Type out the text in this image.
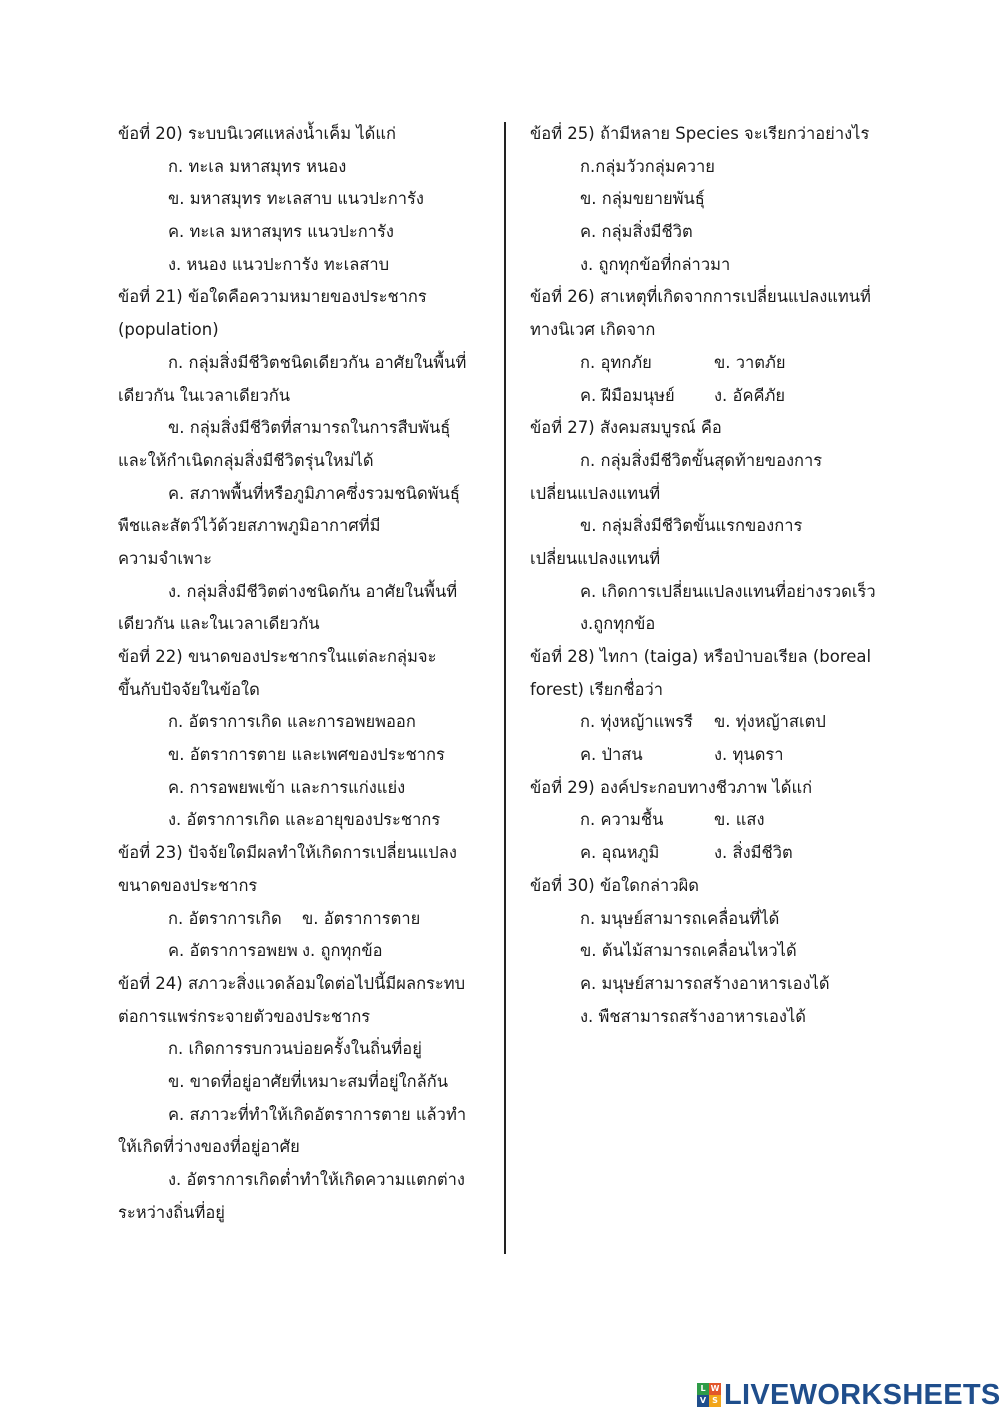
ข้อที่ 20) ระบบนิเวศแหล่งน้ำเค็ม ได้แก่
ก. ทะเล มหาสมุทร หนอง
ข. มหาสมุทร ทะเลสาบ แนวปะการัง
ค. ทะเล มหาสมุทร แนวปะการัง
ง. หนอง แนวปะการัง ทะเลสาบ
ข้อที่ 21) ข้อใดคือความหมายของประชากร
(population)
ก. กลุ่มสิ่งมีชีวิตชนิดเดียวกัน อาศัยในพื้นที่
เดียวกัน ในเวลาเดียวกัน
ข. กลุ่มสิ่งมีชีวิตที่สามารถในการสืบพันธุ์
และให้กำเนิดกลุ่มสิ่งมีชีวิตรุ่นใหม่ได้
ค. สภาพพื้นที่หรือภูมิภาคซึ่งรวมชนิดพันธุ์
พืชและสัตว์ไว้ด้วยสภาพภูมิอากาศที่มี
ความจำเพาะ
ง. กลุ่มสิ่งมีชีวิตต่างชนิดกัน อาศัยในพื้นที่
เดียวกัน และในเวลาเดียวกัน
ข้อที่ 22) ขนาดของประชากรในแต่ละกลุ่มจะ
ขึ้นกับปัจจัยในข้อใด
ก. อัตราการเกิด และการอพยพออก
ข. อัตราการตาย และเพศของประชากร
ค. การอพยพเข้า และการแก่งแย่ง
ง. อัตราการเกิด และอายุของประชากร
ข้อที่ 23) ปัจจัยใดมีผลทำให้เกิดการเปลี่ยนแปลง
ขนาดของประชากร
ก. อัตราการเกิด	ข. อัตราการตาย
ค. อัตราการอพยพ ง. ถูกทุกข้อ
ข้อที่ 24) สภาวะสิ่งแวดล้อมใดต่อไปนี้มีผลกระทบ
ต่อการแพร่กระจายตัวของประชากร
ก. เกิดการรบกวนบ่อยครั้งในถิ่นที่อยู่
ข. ขาดที่อยู่อาศัยที่เหมาะสมที่อยู่ใกล้กัน
ค. สภาวะที่ทำให้เกิดอัตราการตาย แล้วทำ
ให้เกิดที่ว่างของที่อยู่อาศัย
ง. อัตราการเกิดต่ำทำให้เกิดความแตกต่าง
ระหว่างถิ่นที่อยู่
ข้อที่ 25) ถ้ามีหลาย Species จะเรียกว่าอย่างไร
ก.กลุ่มวัวกลุ่มควาย
ข. กลุ่มขยายพันธุ์
ค. กลุ่มสิ่งมีชีวิต
ง. ถูกทุกข้อที่กล่าวมา
ข้อที่ 26) สาเหตุที่เกิดจากการเปลี่ยนแปลงแทนที่
ทางนิเวศ เกิดจาก
ก. อุทกภัย	ข. วาตภัย
ค. ฝีมือมนุษย์	ง. อัคคีภัย
ข้อที่ 27) สังคมสมบูรณ์ คือ
ก. กลุ่มสิ่งมีชีวิตขั้นสุดท้ายของการ
เปลี่ยนแปลงแทนที่
ข. กลุ่มสิ่งมีชีวิตขั้นแรกของการ
เปลี่ยนแปลงแทนที่
ค. เกิดการเปลี่ยนแปลงแทนที่อย่างรวดเร็ว
ง.ถูกทุกข้อ
ข้อที่ 28) ไทกา (taiga) หรือป่าบอเรียล (boreal
forest) เรียกชื่อว่า
ก. ทุ่งหญ้าแพรรี	ข. ทุ่งหญ้าสเตป
ค. ป่าสน	ง. ทุนดรา
ข้อที่ 29) องค์ประกอบทางชีวภาพ ได้แก่
ก. ความชื้น	ข. แสง
ค. อุณหภูมิ	ง. สิ่งมีชีวิต
ข้อที่ 30) ข้อใดกล่าวผิด
ก. มนุษย์สามารถเคลื่อนที่ได้
ข. ต้นไม้สามารถเคลื่อนไหวได้
ค. มนุษย์สามารถสร้างอาหารเองได้
ง. พืชสามารถสร้างอาหารเองได้
L W
V S LIVEWORKSHEETS
